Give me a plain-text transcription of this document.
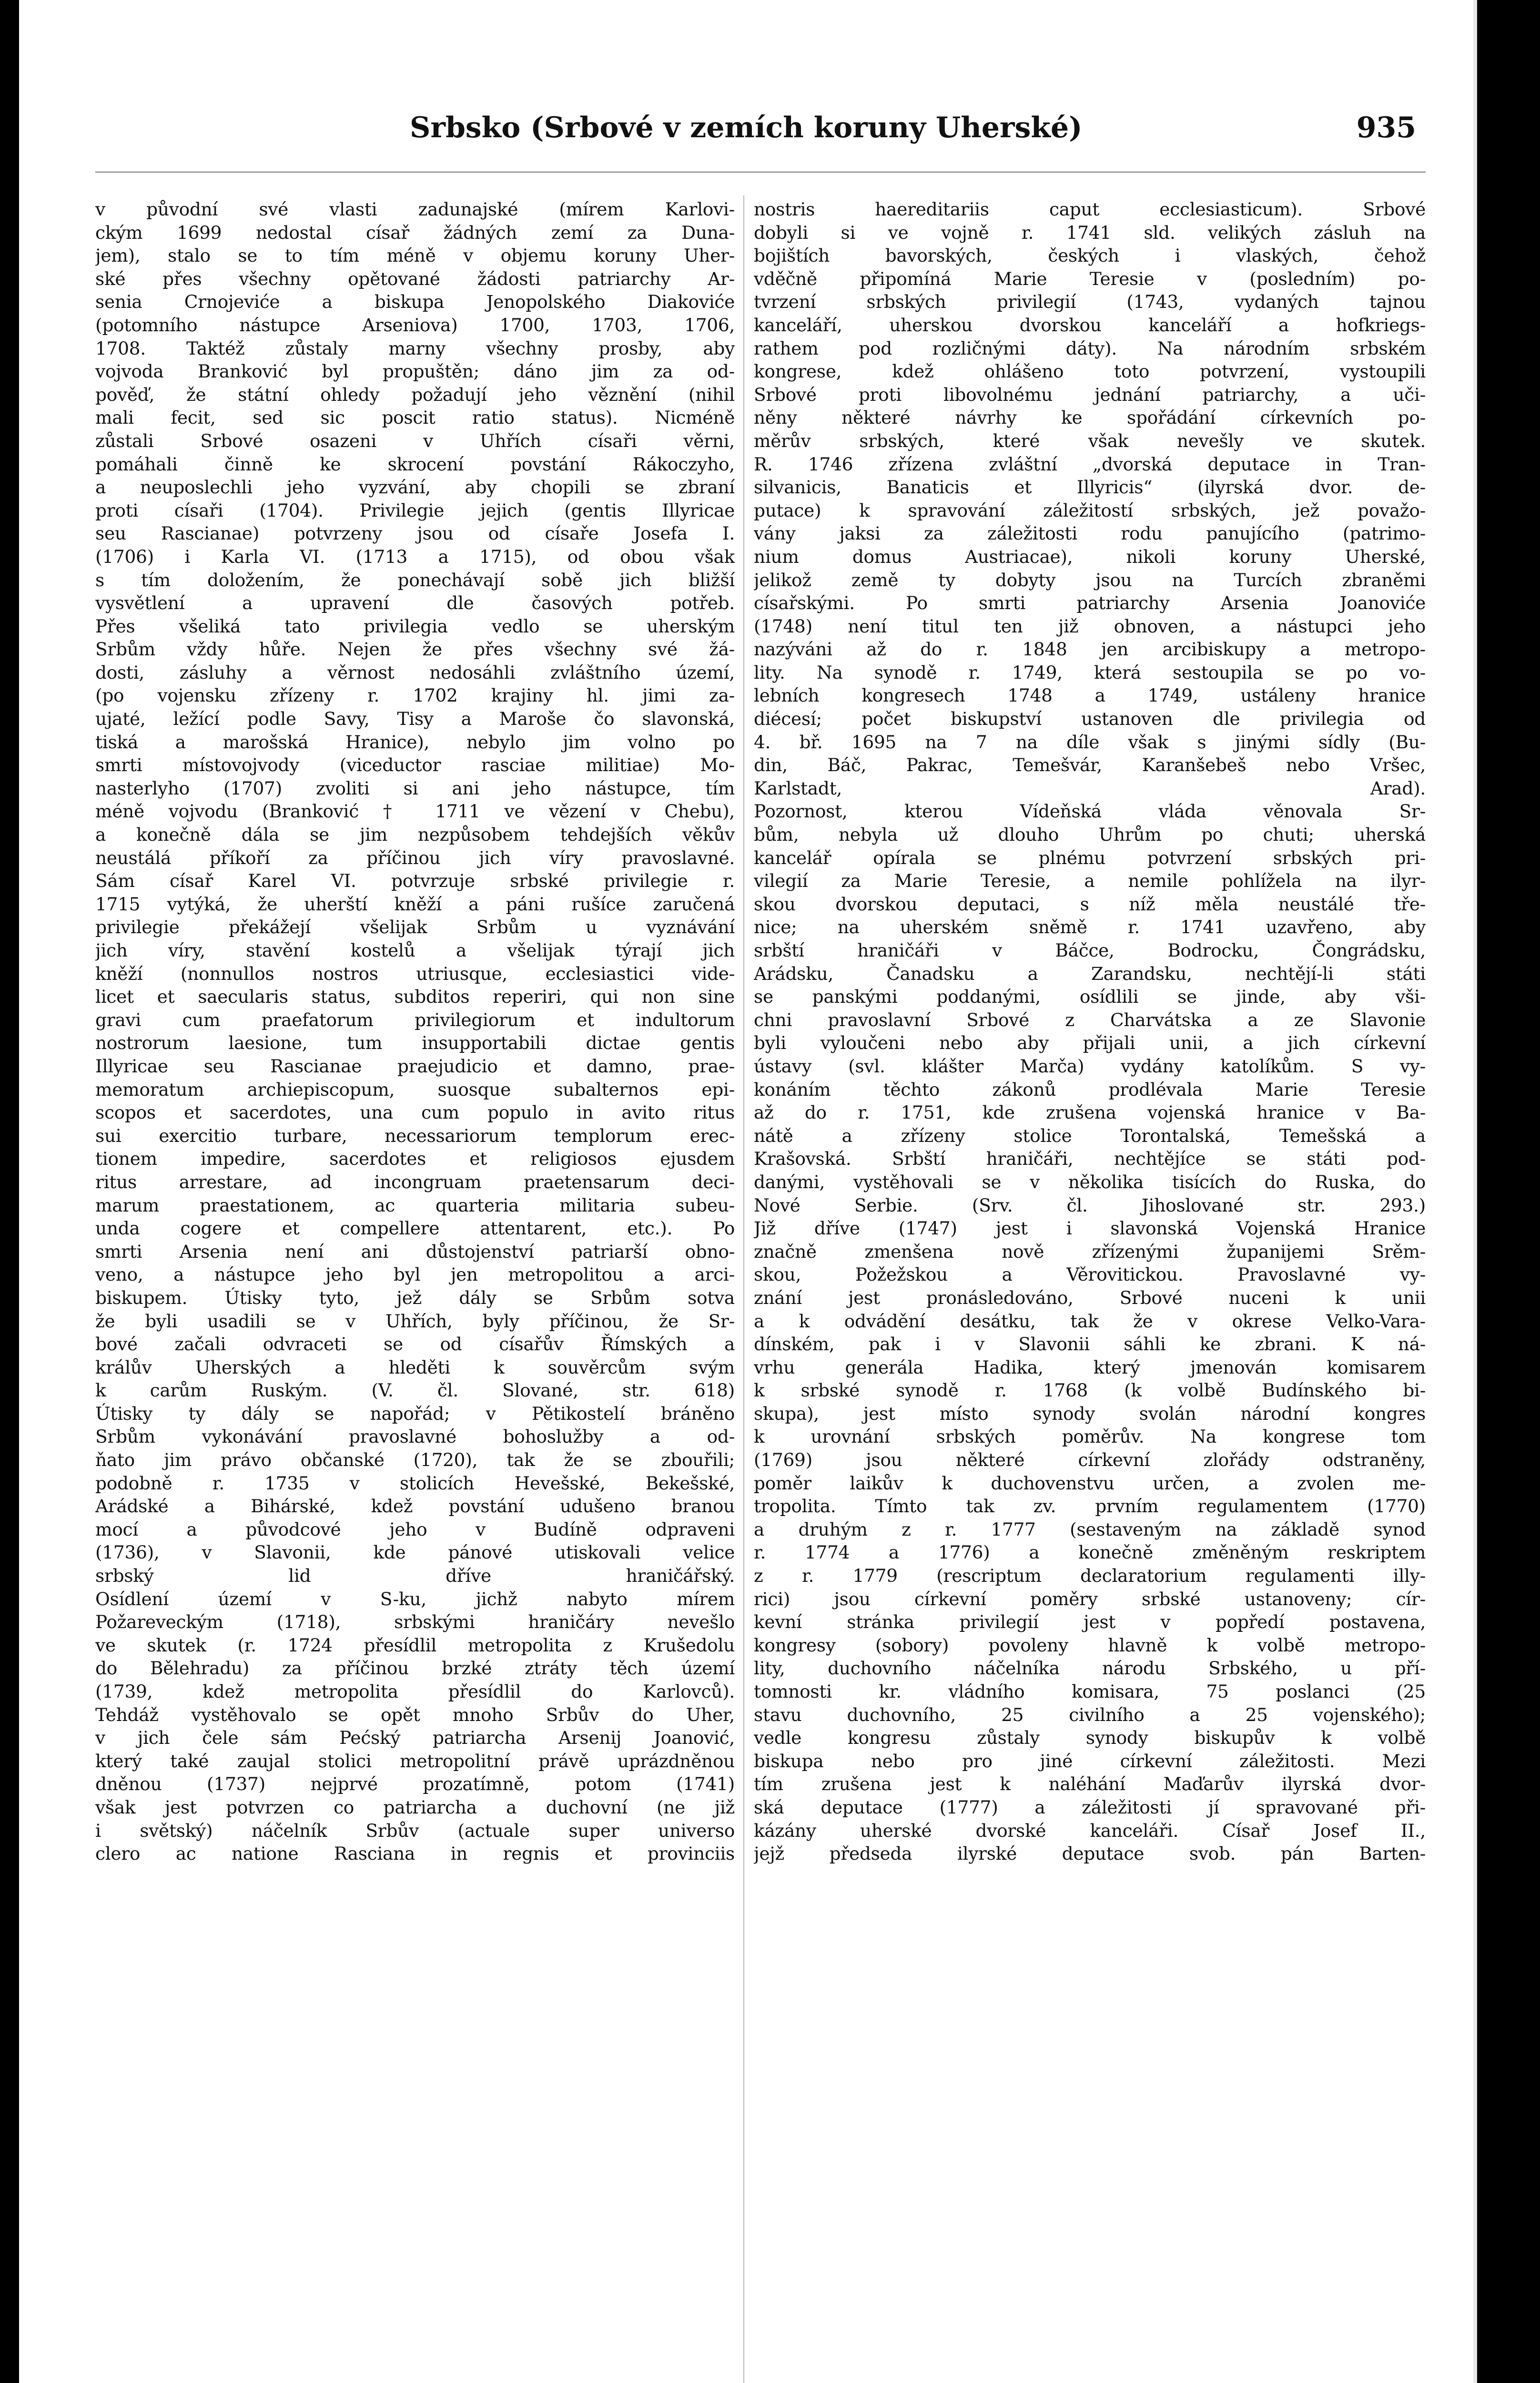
Srbsko (Srbové v zemích koruny Uherské)	935
v původní své vlasti zadunajské (mírem Karlovi-
ckým 1699 nedostal císař žádných zemí za Duna-
jem), stalo se to tím méně v objemu koruny Uher-
ské přes všechny opětované žádosti patriarchy Ar-
senia Crnojeviće a biskupa Jenopolského Diakoviće
(potomního nástupce Arseniova) 1700, 1703, 1706,
1708. Taktéž zůstaly marny všechny prosby, aby
vojvoda Branković byl propuštěn; dáno jim za od-
pověď, že státní ohledy požadují jeho věznění (nihil
mali fecit, sed sic poscit ratio status). Nicméně
zůstali Srbové osazeni v Uhřích císaři věrni,
pomáhali činně ke skrocení povstání Rákoczyho,
a neuposlechli jeho vyzvání, aby chopili se zbraní
proti císaři (1704). Privilegie jejich (gentis Illyricae
seu Rascianae) potvrzeny jsou od císaře Josefa I.
(1706) i Karla VI. (1713 a 1715), od obou však
s tím doložením, že ponechávají sobě jich bližší
vysvětlení a upravení dle časových potřeb.
Přes všeliká tato privilegia vedlo se uherským
Srbům vždy hůře. Nejen že přes všechny své žá-
dosti, zásluhy a věrnost nedosáhli zvláštního území,
(po vojensku zřízeny r. 1702 krajiny hl. jimi za-
ujaté, ležící podle Savy, Tisy a Maroše čo slavonská,
tiská a marošská Hranice), nebylo jim volno po
smrti místovojvody (viceductor rasciae militiae) Mo-
nasterlyho (1707) zvoliti si ani jeho nástupce, tím
méně vojvodu (Branković † 1711 ve vězení v Chebu),
a konečně dála se jim nezpůsobem tehdejších věkův
neustálá příkoří za příčinou jich víry pravoslavné.
Sám císař Karel VI. potvrzuje srbské privilegie r.
1715 vytýká, že uherští kněží a páni rušíce zaručená
privilegie překážejí všelijak Srbům u vyznávání
jich víry, stavění kostelů a všelijak týrají jich
kněží (nonnullos nostros utriusque, ecclesiastici vide-
licet et saecularis status, subditos reperiri, qui non sine
gravi cum praefatorum privilegiorum et indultorum
nostrorum laesione, tum insupportabili dictae gentis
Illyricae seu Rascianae praejudicio et damno, prae-
memoratum archiepiscopum, suosque subalternos epi-
scopos et sacerdotes, una cum populo in avito ritus
sui exercitio turbare, necessariorum templorum erec-
tionem impedire, sacerdotes et religiosos ejusdem
ritus arrestare, ad incongruam praetensarum deci-
marum praestationem, ac quarteria militaria subeu-
unda cogere et compellere attentarent, etc.). Po
smrti Arsenia není ani důstojenství patriarší obno-
veno, a nástupce jeho byl jen metropolitou a arci-
biskupem. Útisky tyto, jež dály se Srbům sotva
že byli usadili se v Uhřích, byly příčinou, že Sr-
bové začali odvraceti se od císařův Římských a
králův Uherských a hleděti k souvěrcům svým
k carům Ruským. (V. čl. Slované, str. 618)
Útisky ty dály se napořád; v Pětikostelí bráněno
Srbům vykonávání pravoslavné bohoslužby a od-
ňato jim právo občanské (1720), tak že se zbouřili;
podobně r. 1735 v stolicích Hevešské, Bekešské,
Arádské a Bihárské, kdež povstání udušeno branou
mocí a původcové jeho v Budíně odpraveni
(1736), v Slavonii, kde pánové utiskovali velice
srbský lid dříve hraničářský.
Osídlení území v S-ku, jichž nabyto mírem
Požareveckým (1718), srbskými hraničáry nevešlo
ve skutek (r. 1724 přesídlil metropolita z Krušedolu
do Bělehradu) za příčinou brzké ztráty těch území
(1739, kdež metropolita přesídlil do Karlovců).
Tehdáž vystěhovalo se opět mnoho Srbův do Uher,
v jich čele sám Pećský patriarcha Arsenij Joanović,
který také zaujal stolici metropolitní právě uprázdněnou
dněnou (1737) nejprvé prozatímně, potom (1741)
však jest potvrzen co patriarcha a duchovní (ne již
i světský) náčelník Srbův (actuale super universo
clero ac natione Rasciana in regnis et provinciis
nostris haereditariis caput ecclesiasticum). Srbové
dobyli si ve vojně r. 1741 sld. velikých zásluh na
bojištích bavorských, českých i vlaských, čehož
vděčně připomíná Marie Teresie v (posledním) po-
tvrzení srbských privilegií (1743, vydaných tajnou
kanceláří, uherskou dvorskou kanceláří a hofkriegs-
rathem pod rozličnými dáty). Na národním srbském
kongrese, kdež ohlášeno toto potvrzení, vystoupili
Srbové proti libovolnému jednání patriarchy, a uči-
něny některé návrhy ke spořádání církevních po-
měrův srbských, které však nevešly ve skutek.
R. 1746 zřízena zvláštní „dvorská deputace in Tran-
silvanicis, Banaticis et Illyricis“ (ilyrská dvor. de-
putace) k spravování záležitostí srbských, jež považo-
vány jaksi za záležitosti rodu panujícího (patrimo-
nium domus Austriacae), nikoli koruny Uherské,
jelikož země ty dobyty jsou na Turcích zbraněmi
císařskými. Po smrti patriarchy Arsenia Joanoviće
(1748) není titul ten již obnoven, a nástupci jeho
nazýváni až do r. 1848 jen arcibiskupy a metropo-
lity. Na synodě r. 1749, která sestoupila se po vo-
lebních kongresech 1748 a 1749, ustáleny hranice
diécesí; počet biskupství ustanoven dle privilegia od
4. bř. 1695 na 7 na díle však s jinými sídly (Bu-
din, Báč, Pakrac, Temešvár, Karanšebeš nebo Vršec,
Karlstadt, Arad).
Pozornost, kterou Vídeňská vláda věnovala Sr-
bům, nebyla už dlouho Uhrům po chuti; uherská
kancelář opírala se plnému potvrzení srbských pri-
vilegií za Marie Teresie, a nemile pohlížela na ilyr-
skou dvorskou deputaci, s níž měla neustálé tře-
nice; na uherském sněmě r. 1741 uzavřeno, aby
srbští hraničáři v Báčce, Bodrocku, Čongrádsku,
Arádsku, Čanadsku a Zarandsku, nechtějí-li státi
se panskými poddanými, osídlili se jinde, aby vši-
chni pravoslavní Srbové z Charvátska a ze Slavonie
byli vyloučeni nebo aby přijali unii, a jich církevní
ústavy (svl. klášter Marča) vydány katolíkům. S vy-
konáním těchto zákonů prodlévala Marie Teresie
až do r. 1751, kde zrušena vojenská hranice v Ba-
nátě a zřízeny stolice Torontalská, Temešská a
Krašovská. Srbští hraničáři, nechtějíce se státi pod-
danými, vystěhovali se v několika tisících do Ruska, do
Nové Serbie. (Srv. čl. Jihoslované str. 293.)
Již dříve (1747) jest i slavonská Vojenská Hranice
značně zmenšena nově zřízenými županijemi Srěm-
skou, Požežskou a Věrovitickou. Pravoslavné vy-
znání jest pronásledováno, Srbové nuceni k unii
a k odvádění desátku, tak že v okrese Velko-Vara-
dínském, pak i v Slavonii sáhli ke zbrani. K ná-
vrhu generála Hadika, který jmenován komisarem
k srbské synodě r. 1768 (k volbě Budínského bi-
skupa), jest místo synody svolán národní kongres
k urovnání srbských poměrův. Na kongrese tom
(1769) jsou některé církevní zlořády odstraněny,
poměr laikův k duchovenstvu určen, a zvolen me-
tropolita. Tímto tak zv. prvním regulamentem (1770)
a druhým z r. 1777 (sestaveným na základě synod
r. 1774 a 1776) a konečně změněným reskriptem
z r. 1779 (rescriptum declaratorium regulamenti illy-
rici) jsou církevní poměry srbské ustanoveny; cír-
kevní stránka privilegií jest v popředí postavena,
kongresy (sobory) povoleny hlavně k volbě metropo-
lity, duchovního náčelníka národu Srbského, u pří-
tomnosti kr. vládního komisara, 75 poslanci (25
stavu duchovního, 25 civilního a 25 vojenského);
vedle kongresu zůstaly synody biskupův k volbě
biskupa nebo pro jiné církevní záležitosti. Mezi
tím zrušena jest k naléhání Maďarův ilyrská dvor-
ská deputace (1777) a záležitosti jí spravované při-
kázány uherské dvorské kanceláři. Císař Josef II.,
jejž předseda ilyrské deputace svob. pán Barten-
